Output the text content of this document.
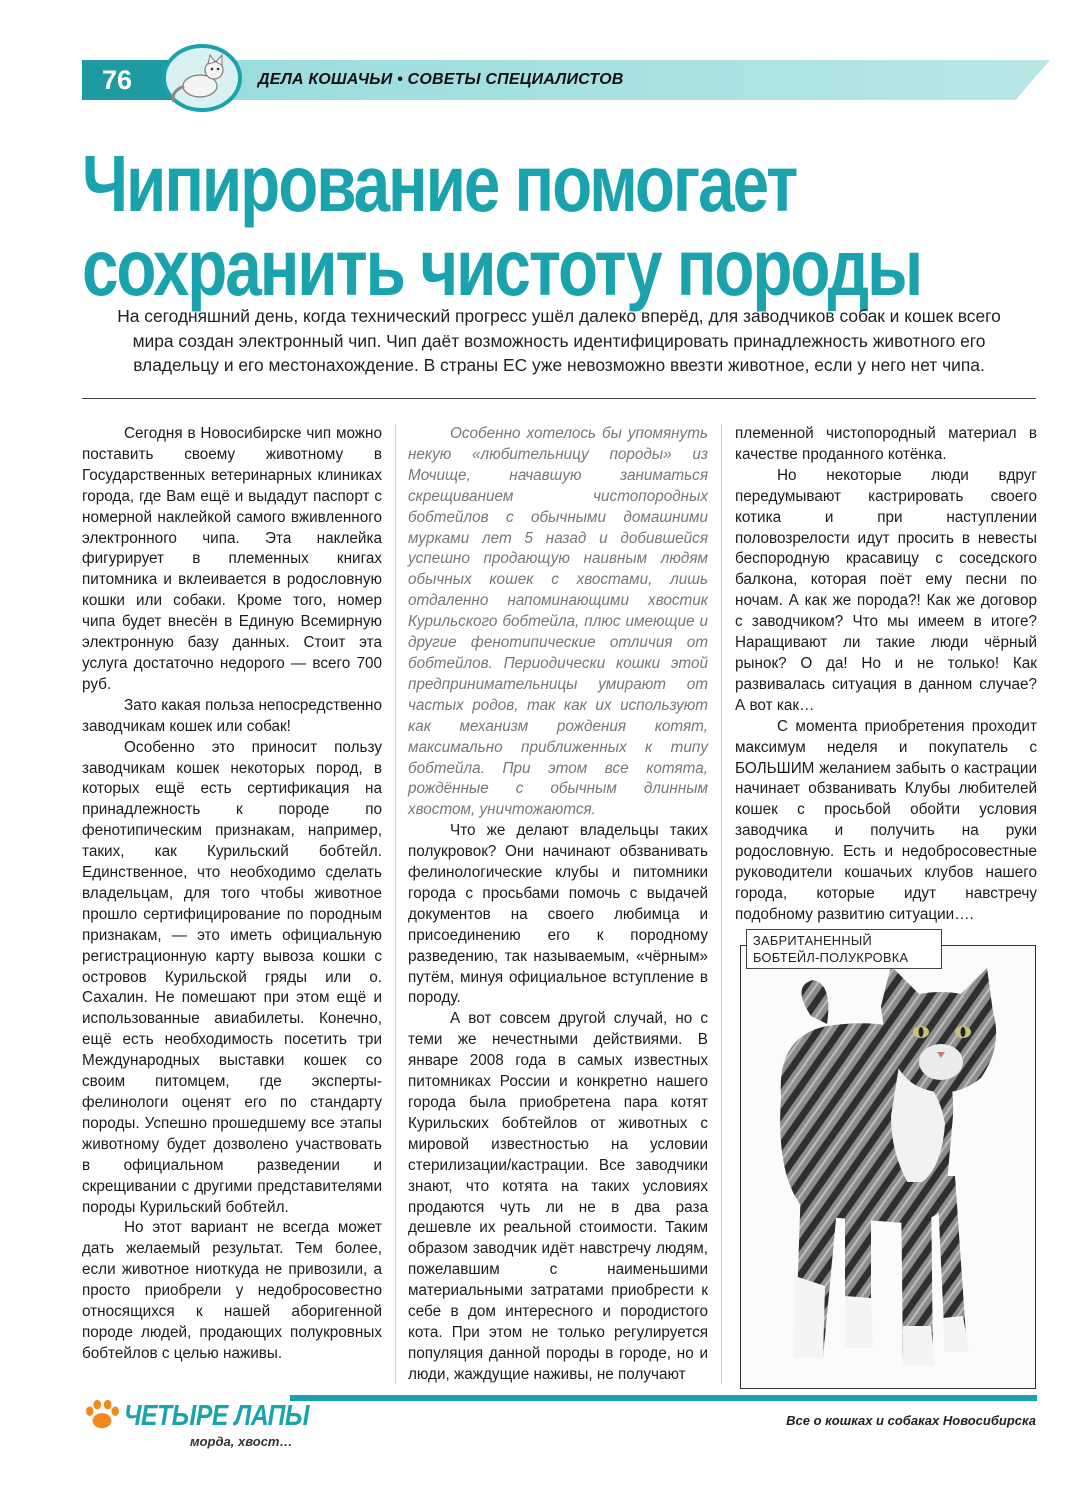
76	ДЕЛА КОШАЧЬИ • СОВЕТЫ СПЕЦИАЛИСТОВ
Чипирование помогает
сохранить чистоту породы

На сегодняшний день, когда технический прогресс ушёл далеко вперёд, для заводчиков собак и кошек всего
мира создан электронный чип. Чип даёт возможность идентифицировать принадлежность животного его
владельцу и его местонахождение. В страны ЕС уже невозможно ввезти животное, если у него нет чипа.

Сегодня в Новосибирске чип можно поставить своему животному в Государственных ветеринарных клиниках города, где Вам ещё и выдадут паспорт с номерной наклейкой самого вживленного электронного чипа. Эта наклейка фигурирует в племенных книгах питомника и вклеивается в родословную кошки или собаки. Кроме того, номер чипа будет внесён в Единую Всемирную электронную базу данных. Стоит эта услуга достаточно недорого — всего 700 руб.

Зато какая польза непосредственно заводчикам кошек или собак!

Особенно это приносит пользу заводчикам кошек некоторых пород, в которых ещё есть сертификация на принадлежность к породе по фенотипическим признакам, например, таких, как Курильский бобтейл. Единственное, что необходимо сделать владельцам, для того чтобы животное прошло сертифицирование по породным признакам, — это иметь официальную регистрационную карту вывоза кошки с островов Курильской гряды или о. Сахалин. Не помешают при этом ещё и использованные авиабилеты. Конечно, ещё есть необходимость посетить три Международных выставки кошек со своим питомцем, где эксперты-фелинологи оценят его по стандарту породы. Успешно прошедшему все этапы животному будет дозволено участвовать в официальном разведении и скрещивании с другими представителями породы Курильский бобтейл.

Но этот вариант не всегда может дать желаемый результат. Тем более, если животное ниоткуда не привозили, а просто приобрели у недобросовестно относящихся к нашей аборигенной породе людей, продающих полукровных бобтейлов с целью наживы.

Особенно хотелось бы упомянуть некую «любительницу породы» из Мочище, начавшую заниматься скрещиванием чистопородных бобтейлов с обычными домашними мурками лет 5 назад и добившейся успешно продающую наивным людям обычных кошек с хвостами, лишь отдаленно напоминающими хвостик Курильского бобтейла, плюс имеющие и другие фенотипические отличия от бобтейлов. Периодически кошки этой предпринимательницы умирают от частых родов, так как их используют как механизм рождения котят, максимально приближенных к типу бобтейла. При этом все котята, рождённые с обычным длинным хвостом, уничтожаются.

Что же делают владельцы таких полукровок? Они начинают обзванивать фелинологические клубы и питомники города с просьбами помочь с выдачей документов на своего любимца и присоединению его к породному разведению, так называемым, «чёрным» путём, минуя официальное вступление в породу.

А вот совсем другой случай, но с теми же нечестными действиями. В январе 2008 года в самых известных питомниках России и конкретно нашего города была приобретена пара котят Курильских бобтейлов от животных с мировой известностью на условии стерилизации/кастрации. Все заводчики знают, что котята на таких условиях продаются чуть ли не в два раза дешевле их реальной стоимости. Таким образом заводчик идёт навстречу людям, пожелавшим с наименьшими материальными затратами приобрести к себе в дом интересного и породистого кота. При этом не только регулируется популяция данной породы в городе, но и люди, жаждущие наживы, не получают

племенной чистопородный материал в качестве проданного котёнка.

Но некоторые люди вдруг передумывают кастрировать своего котика и при наступлении половозрелости идут просить в невесты беспородную красавицу с соседского балкона, которая поёт ему песни по ночам. А как же порода?! Как же договор с заводчиком? Что мы имеем в итоге? Наращивают ли такие люди чёрный рынок? О да! Но и не только! Как развивалась ситуация в данном случае? А вот как…

С момента приобретения проходит максимум неделя и покупатель с БОЛЬШИМ желанием забыть о кастрации начинает обзванивать Клубы любителей кошек с просьбой обойти условия заводчика и получить на руки родословную. Есть и недобросовестные руководители кошачьих клубов нашего города, которые идут навстречу подобному развитию ситуации….

ЗАБРИТАНЕННЫЙ
БОБТЕЙЛ-ПОЛУКРОВКА
ЧЕТЫРЕ ЛАПЫ
морда, хвост…
Все о кошках и собаках Новосибирска
